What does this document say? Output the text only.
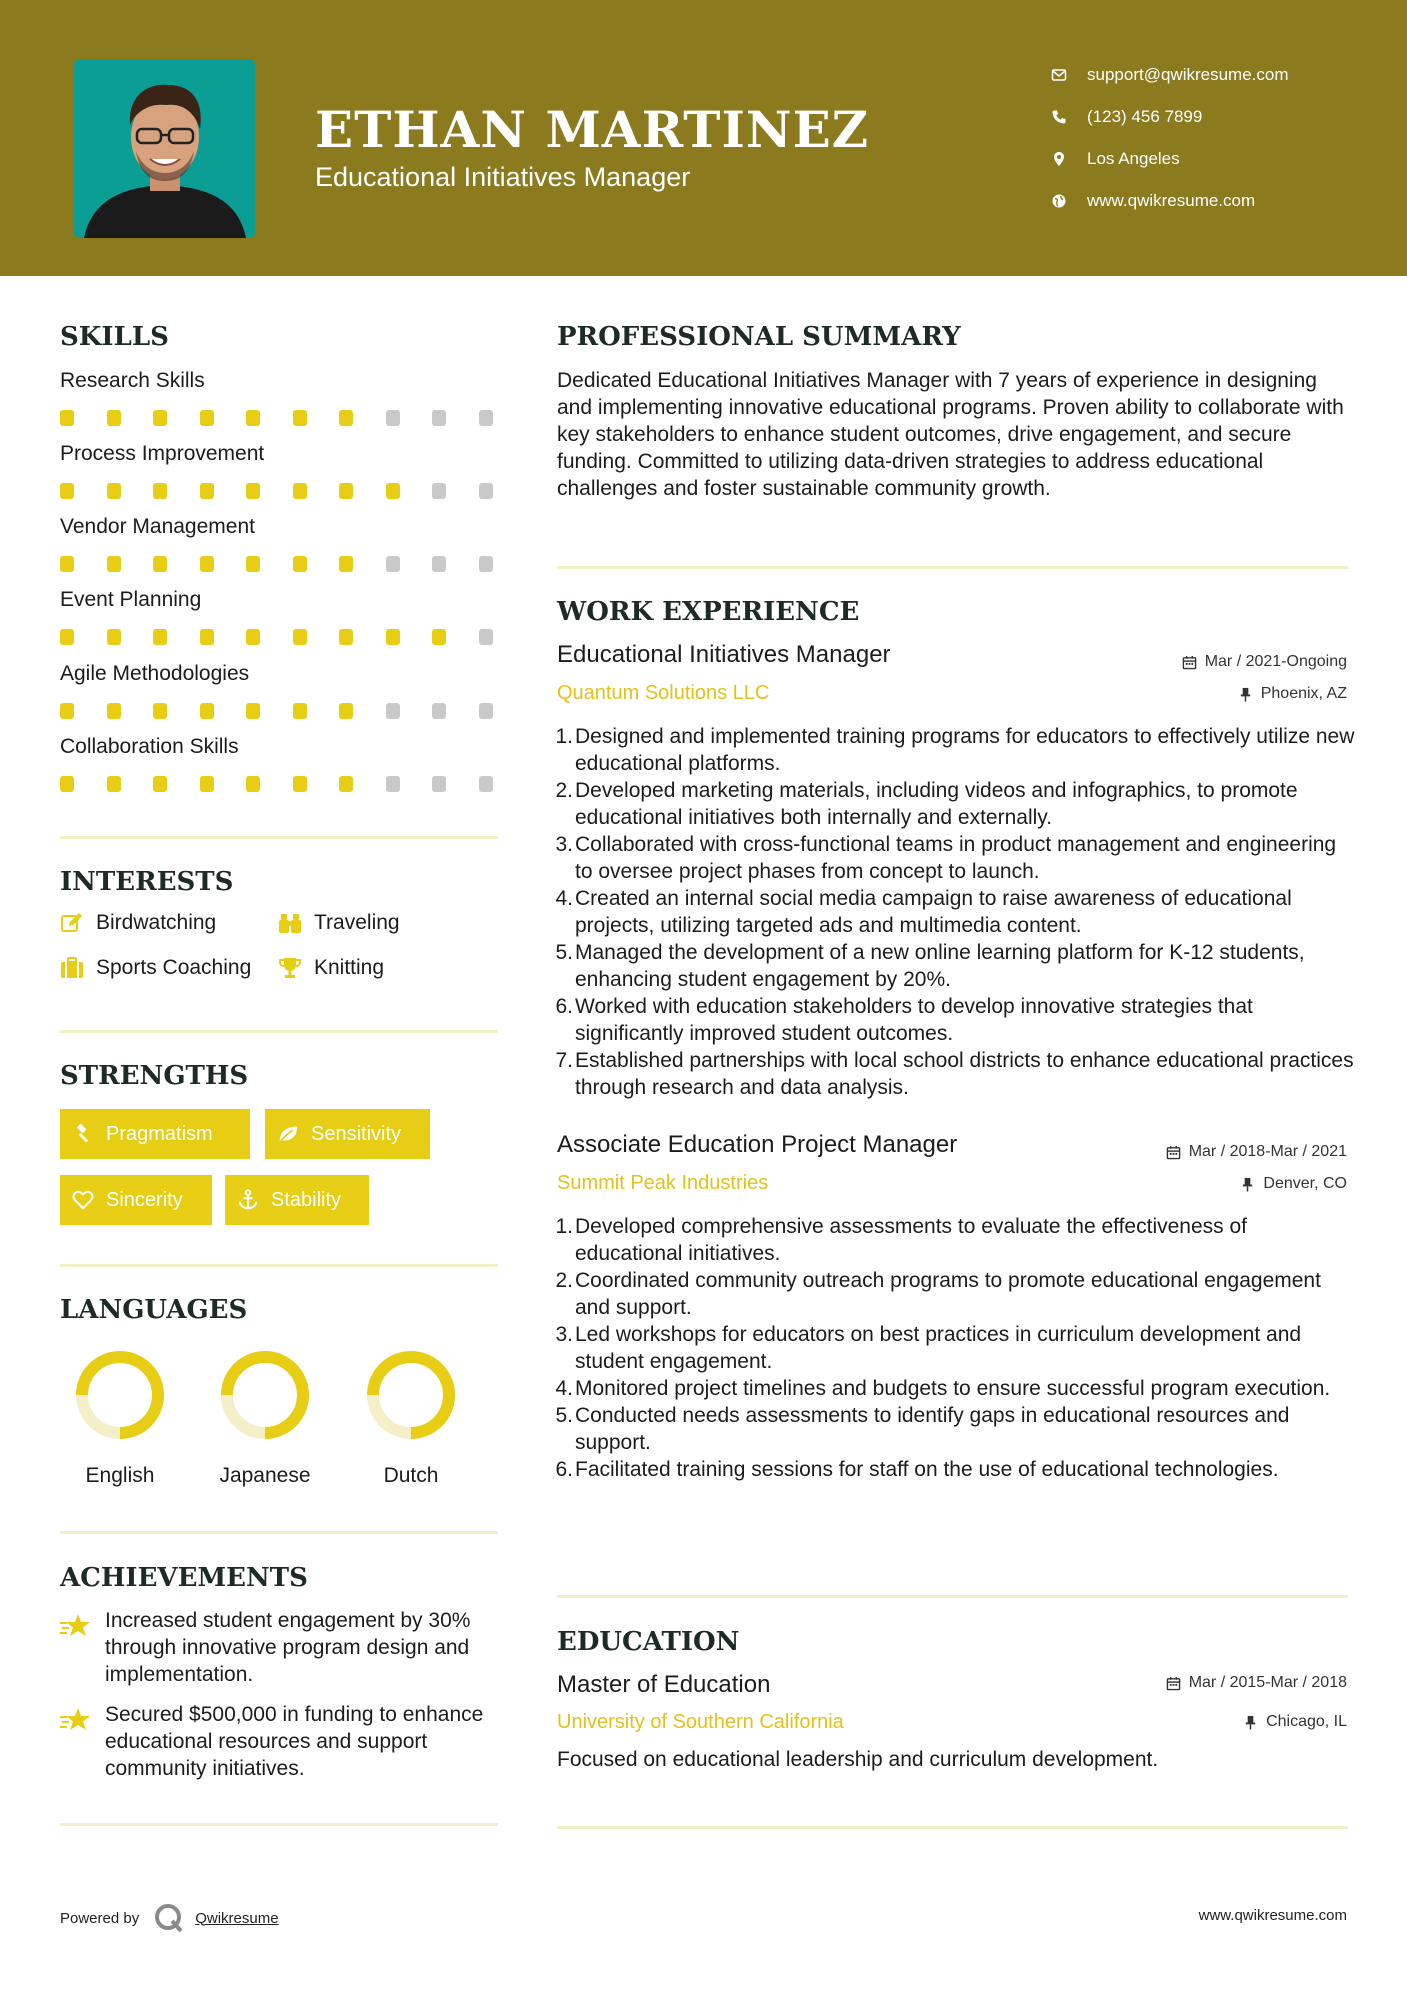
ETHAN MARTINEZ
Educational Initiatives Manager
support@qwikresume.com
(123) 456 7899
Los Angeles
www.qwikresume.com
SKILLS
Research Skills
Process Improvement
Vendor Management
Event Planning
Agile Methodologies
Collaboration Skills
INTERESTS
Birdwatching	Traveling
Sports Coaching	Knitting
STRENGTHS
Pragmatism	Sensitivity
Sincerity	Stability
LANGUAGES
English	Japanese	Dutch
ACHIEVEMENTS
Increased student engagement by 30% through innovative program design and implementation.
Secured $500,000 in funding to enhance educational resources and support community initiatives.
PROFESSIONAL SUMMARY
Dedicated Educational Initiatives Manager with 7 years of experience in designing and implementing innovative educational programs. Proven ability to collaborate with key stakeholders to enhance student outcomes, drive engagement, and secure funding. Committed to utilizing data-driven strategies to address educational challenges and foster sustainable community growth.
WORK EXPERIENCE
Educational Initiatives Manager	Mar / 2021-Ongoing
Quantum Solutions LLC	Phoenix, AZ
1. Designed and implemented training programs for educators to effectively utilize new educational platforms.
2. Developed marketing materials, including videos and infographics, to promote educational initiatives both internally and externally.
3. Collaborated with cross-functional teams in product management and engineering to oversee project phases from concept to launch.
4. Created an internal social media campaign to raise awareness of educational projects, utilizing targeted ads and multimedia content.
5. Managed the development of a new online learning platform for K-12 students, enhancing student engagement by 20%.
6. Worked with education stakeholders to develop innovative strategies that significantly improved student outcomes.
7. Established partnerships with local school districts to enhance educational practices through research and data analysis.
Associate Education Project Manager	Mar / 2018-Mar / 2021
Summit Peak Industries	Denver, CO
1. Developed comprehensive assessments to evaluate the effectiveness of educational initiatives.
2. Coordinated community outreach programs to promote educational engagement and support.
3. Led workshops for educators on best practices in curriculum development and student engagement.
4. Monitored project timelines and budgets to ensure successful program execution.
5. Conducted needs assessments to identify gaps in educational resources and support.
6. Facilitated training sessions for staff on the use of educational technologies.
EDUCATION
Master of Education	Mar / 2015-Mar / 2018
University of Southern California	Chicago, IL
Focused on educational leadership and curriculum development.
Powered by	Qwikresume	www.qwikresume.com
